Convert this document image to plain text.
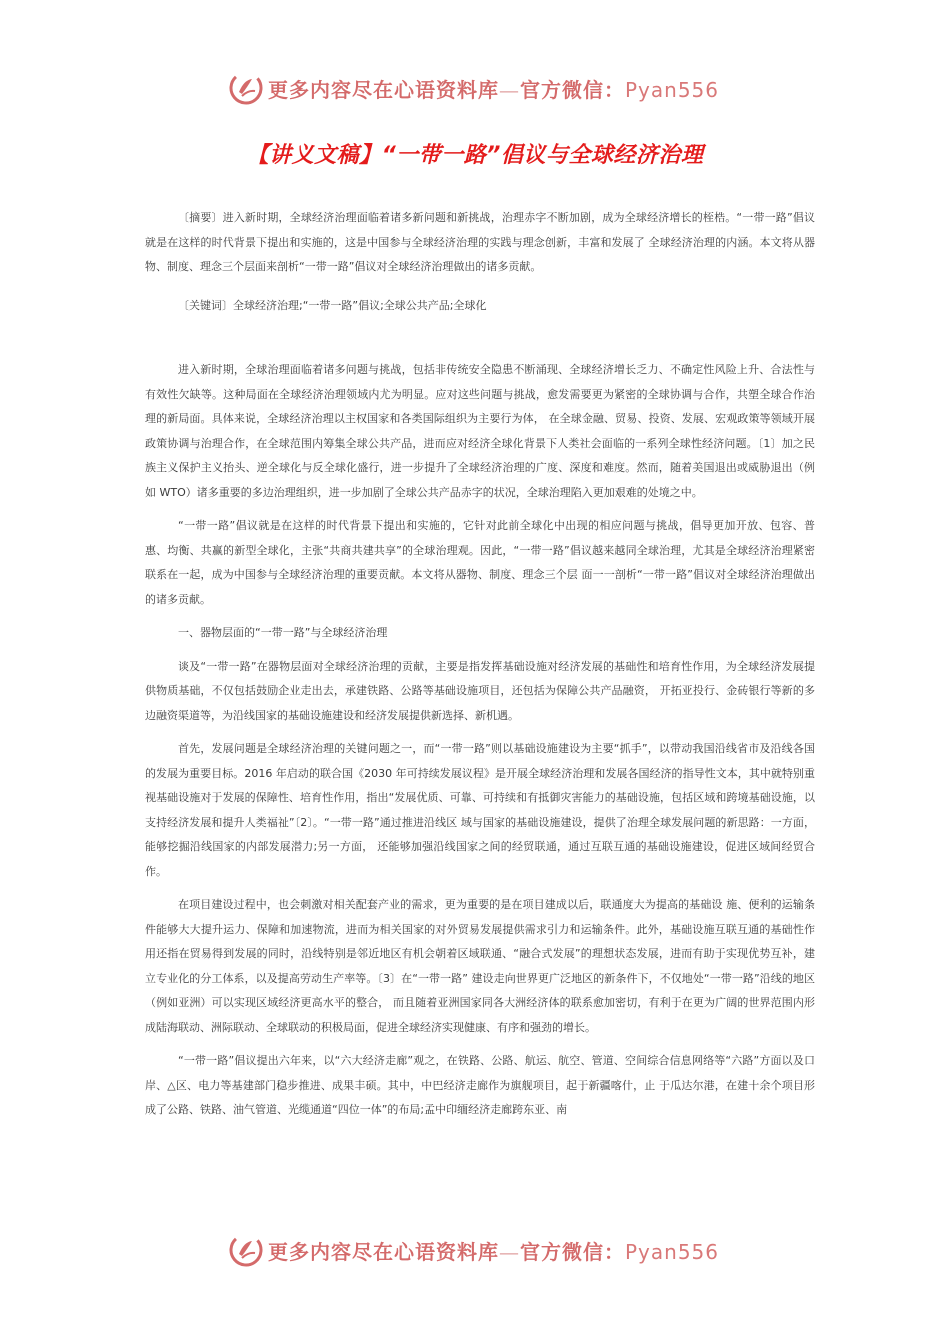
更多内容尽在心语资料库—官方微信：Pyan556
【讲义文稿】“一带一路”倡议与全球经济治理

〔摘要〕进入新时期，全球经济治理面临着诸多新问题和新挑战，治理赤字不断加剧，成为全球经济增长的桎梏。“一带一路”倡议就是在这样的时代背景下提出和实施的，这是中国参与全球经济治理的实践与理念创新，丰富和发展了 全球经济治理的内涵。本文将从器物、制度、理念三个层面来剖析“一带一路”倡议对全球经济治理做出的诸多贡献。

〔关键词〕全球经济治理;“一带一路”倡议;全球公共产品;全球化

进入新时期，全球治理面临着诸多问题与挑战，包括非传统安全隐患不断涌现、全球经济增长乏力、不确定性风险上升、合法性与有效性欠缺等。这种局面在全球经济治理领域内尤为明显。应对这些问题与挑战，愈发需要更为紧密的全球协调与合作，共塑全球合作治理的新局面。具体来说，全球经济治理以主权国家和各类国际组织为主要行为体， 在全球金融、贸易、投资、发展、宏观政策等领域开展政策协调与治理合作，在全球范围内筹集全球公共产品，进而应对经济全球化背景下人类社会面临的一系列全球性经济问题。〔1〕加之民族主义保护主义抬头、逆全球化与反全球化盛行，进一步提升了全球经济治理的广度、深度和难度。然而，随着美国退出或威胁退出（例如 WTO）诸多重要的多边治理组织，进一步加剧了全球公共产品赤字的状况，全球治理陷入更加艰难的处境之中。

“一带一路”倡议就是在这样的时代背景下提出和实施的，它针对此前全球化中出现的相应问题与挑战，倡导更加开放、包容、普惠、均衡、共赢的新型全球化，主张“共商共建共享”的全球治理观。因此，“一带一路”倡议越来越同全球治理，尤其是全球经济治理紧密联系在一起，成为中国参与全球经济治理的重要贡献。本文将从器物、制度、理念三个层 面一一剖析“一带一路”倡议对全球经济治理做出的诸多贡献。

一、器物层面的“一带一路”与全球经济治理

谈及“一带一路”在器物层面对全球经济治理的贡献，主要是指发挥基础设施对经济发展的基础性和培育性作用，为全球经济发展提供物质基础，不仅包括鼓励企业走出去，承建铁路、公路等基础设施项目，还包括为保障公共产品融资， 开拓亚投行、金砖银行等新的多边融资渠道等，为沿线国家的基础设施建设和经济发展提供新选择、新机遇。

首先，发展问题是全球经济治理的关键问题之一，而“一带一路”则以基础设施建设为主要“抓手”，以带动我国沿线省市及沿线各国的发展为重要目标。2016 年启动的联合国《2030 年可持续发展议程》是开展全球经济治理和发展各国经济的指导性文本，其中就特别重视基础设施对于发展的保障性、培育性作用，指出“发展优质、可靠、可持续和有抵御灾害能力的基础设施，包括区域和跨境基础设施，以支持经济发展和提升人类福祉”〔2〕。“一带一路”通过推进沿线区 域与国家的基础设施建设，提供了治理全球发展问题的新思路：一方面，能够挖掘沿线国家的内部发展潜力;另一方面， 还能够加强沿线国家之间的经贸联通，通过互联互通的基础设施建设，促进区域间经贸合作。

在项目建设过程中，也会刺激对相关配套产业的需求，更为重要的是在项目建成以后，联通度大为提高的基础设 施、便利的运输条件能够大大提升运力、保障和加速物流，进而为相关国家的对外贸易发展提供需求引力和运输条件。此外，基础设施互联互通的基础性作用还指在贸易得到发展的同时，沿线特别是邻近地区有机会朝着区域联通、“融合式发展”的理想状态发展，进而有助于实现优势互补，建立专业化的分工体系，以及提高劳动生产率等。〔3〕在“一带一路” 建设走向世界更广泛地区的新条件下，不仅地处“一带一路”沿线的地区（例如亚洲）可以实现区域经济更高水平的整合， 而且随着亚洲国家同各大洲经济体的联系愈加密切，有利于在更为广阔的世界范围内形成陆海联动、洲际联动、全球联动的积极局面，促进全球经济实现健康、有序和强劲的增长。

“一带一路”倡议提出六年来，以“六大经济走廊”观之，在铁路、公路、航运、航空、管道、空间综合信息网络等“六路”方面以及口岸、△区、电力等基建部门稳步推进、成果丰硕。其中，中巴经济走廊作为旗舰项目，起于新疆喀什，止 于瓜达尔港，在建十余个项目形成了公路、铁路、油气管道、光缆通道“四位一体”的布局;孟中印缅经济走廊跨东亚、南

更多内容尽在心语资料库—官方微信：Pyan556
